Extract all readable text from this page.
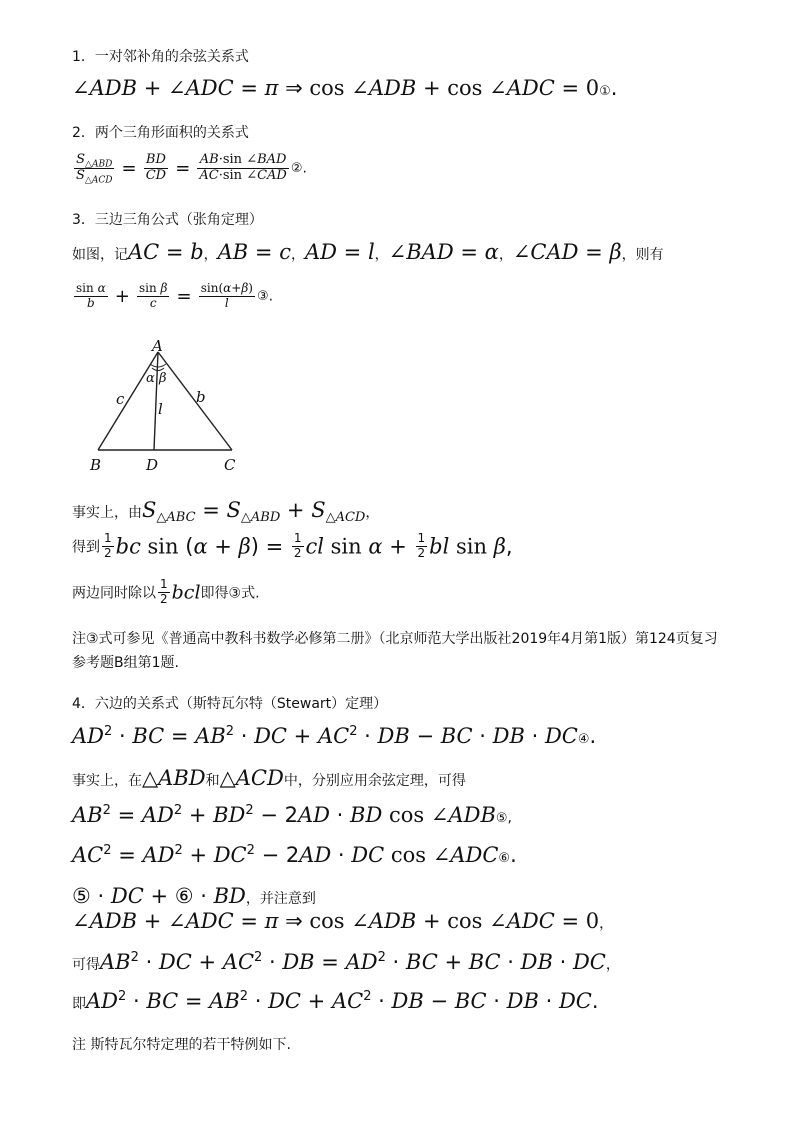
1．一对邻补角的余弦关系式
∠ADB + ∠ADC = π ⇒ cos ∠ADB + cos ∠ADC = 0①.
2．两个三角形面积的关系式
$\frac{S_{\triangle ABD}}{S_{\triangle ACD}} = \frac{BD}{CD} = \frac{\text{AB·sin ∠BAD}}{\text{AC·sin ∠CAD}}$ ②.
3．三边三角公式（张角定理）
如图，记AC = b，AB = c，AD = l，∠BAD = α，∠CAD = β，则有
$\frac{\text{sin α}}{b} + \frac{\text{sin β}}{c} = \frac{\sin(\alpha+\beta)}{l}$ ③.
A
B	D	C
c	b
l
α β
事实上，由$S_{\triangle ABC} = S_{\triangle ABD} + S_{\triangle ACD}$，
得到 $\frac{1}{2}$ bc $\sin (\alpha + \beta) = \frac{1}{2}$ cl $\sin \alpha + \frac{1}{2}$ bl sin β,
两边同时除以 $\frac{1}{2}$ bcl即得③式.
注③式可参见《普通高中教科书数学必修第二册》（北京师范大学出版社2019年4月第1版）第124页复习
参考题B组第1题.
4．六边的关系式（斯特瓦尔特（Stewart）定理）
$AD^2$ · BC = $AB^2$ · DC + $AC^2$ · DB − BC · DB · DC④.
事实上，在△ABD和△ACD中，分别应用余弦定理，可得
$AB^2 = AD^2 + BD^2 - 2AD$ · BD cos ∠ADB⑤,
$AC^2 = AD^2 + DC^2 - 2AD$ · DC cos ∠ADC⑥.
⑤ · DC + ⑥ · BD，并注意到
∠ADB + ∠ADC = π ⇒ cos ∠ADB + cos ∠ADC = 0，
可得$AB^2$ · DC + $AC^2$ · DB = $AD^2$ · BC + BC · DB · DC，
即$AD^2$ · BC = $AB^2$ · DC + $AC^2$ · DB − BC · DB · DC.
注 斯特瓦尔特定理的若干特例如下.
